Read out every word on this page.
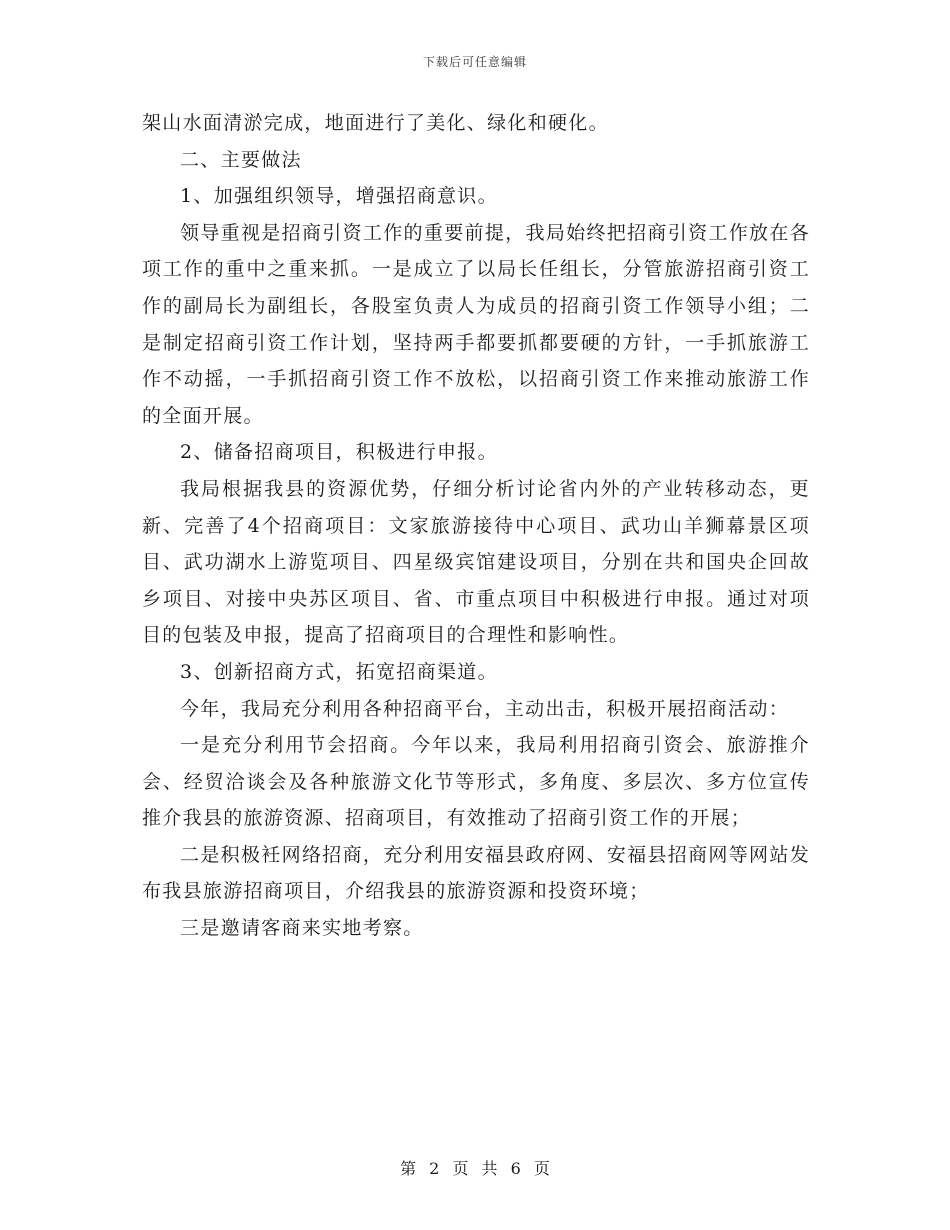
下载后可任意编辑

架山水面清淤完成，地面进行了美化、绿化和硬化。

二、主要做法

1、加强组织领导，增强招商意识。

领导重视是招商引资工作的重要前提，我局始终把招商引资工作放在各项工作的重中之重来抓。一是成立了以局长任组长，分管旅游招商引资工作的副局长为副组长，各股室负责人为成员的招商引资工作领导小组；二是制定招商引资工作计划，坚持两手都要抓都要硬的方针，一手抓旅游工作不动摇，一手抓招商引资工作不放松，以招商引资工作来推动旅游工作的全面开展。

2、储备招商项目，积极进行申报。

我局根据我县的资源优势，仔细分析讨论省内外的产业转移动态，更新、完善了4个招商项目：文家旅游接待中心项目、武功山羊狮幕景区项目、武功湖水上游览项目、四星级宾馆建设项目，分别在共和国央企回故乡项目、对接中央苏区项目、省、市重点项目中积极进行申报。通过对项目的包装及申报，提高了招商项目的合理性和影响性。

3、创新招商方式，拓宽招商渠道。

今年，我局充分利用各种招商平台，主动出击，积极开展招商活动：

一是充分利用节会招商。今年以来，我局利用招商引资会、旅游推介会、经贸洽谈会及各种旅游文化节等形式，多角度、多层次、多方位宣传推介我县的旅游资源、招商项目，有效推动了招商引资工作的开展；

二是积极衽网络招商，充分利用安福县政府网、安福县招商网等网站发布我县旅游招商项目，介绍我县的旅游资源和投资环境；

三是邀请客商来实地考察。

第 2 页 共 6 页
